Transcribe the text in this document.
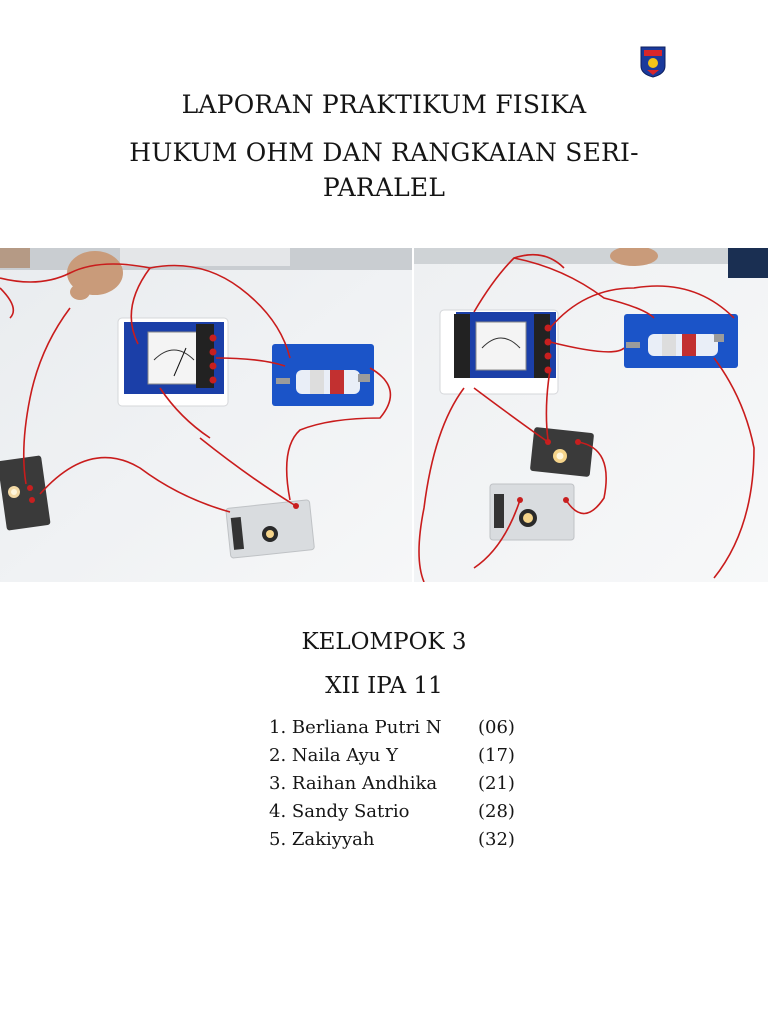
LAPORAN PRAKTIKUM FISIKA
HUKUM OHM DAN RANGKAIAN SERI-
PARALEL
KELOMPOK 3
XII IPA 11
1. Berliana Putri N (06)
2. Naila Ayu Y	(17)
3. Raihan Andhika (21)
4. Sandy Satrio	(28)
5. Zakiyyah	(32)
